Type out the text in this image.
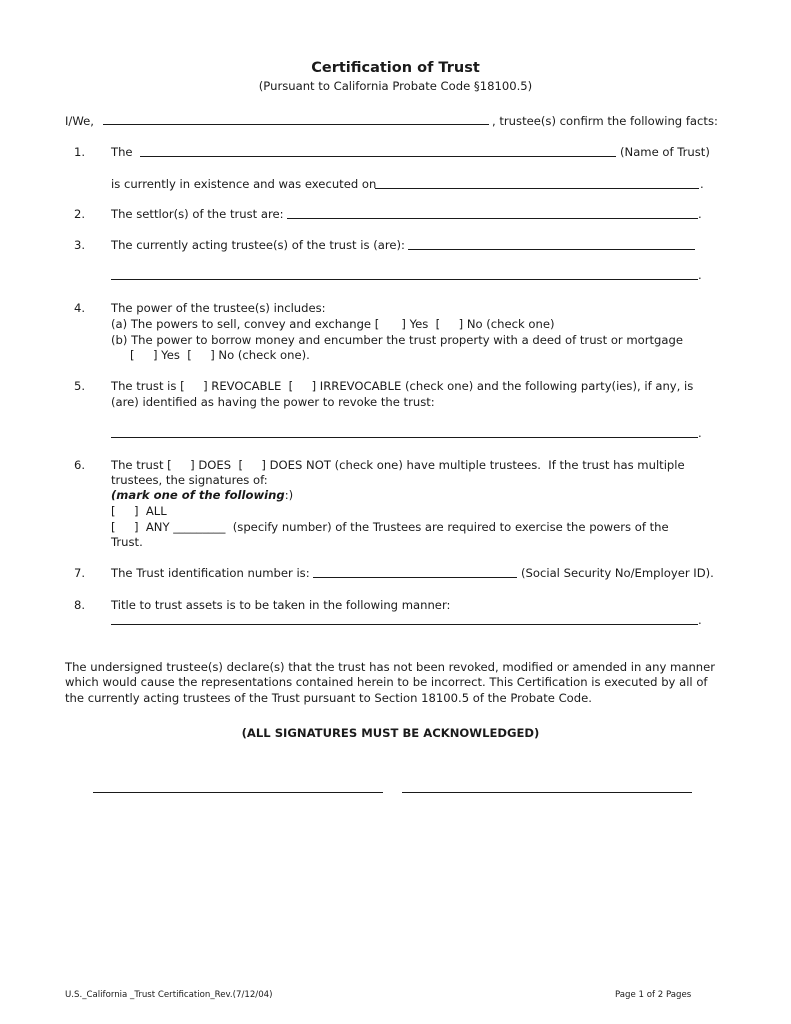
Certification of Trust
(Pursuant to California Probate Code §18100.5)
I/We,	, trustee(s) confirm the following facts:
1. The	(Name of Trust)
is currently in existence and was executed on	.
2. The settlor(s) of the trust are:	.
3. The currently acting trustee(s) of the trust is (are):
.
4. The power of the trustee(s) includes:
(a) The powers to sell, convey and exchange [      ] Yes  [     ] No (check one)
(b) The power to borrow money and encumber the trust property with a deed of trust or mortgage
[     ] Yes  [     ] No (check one).
5. The trust is [     ] REVOCABLE  [     ] IRREVOCABLE (check one) and the following party(ies), if any, is
(are) identified as having the power to revoke the trust:
.
6. The trust [     ] DOES  [     ] DOES NOT (check one) have multiple trustees.  If the trust has multiple
trustees, the signatures of:
(mark one of the following:)
[     ]  ALL
[     ]  ANY _________  (specify number) of the Trustees are required to exercise the powers of the
Trust.
7. The Trust identification number is:	(Social Security No/Employer ID).
8. Title to trust assets is to be taken in the following manner:
.
The undersigned trustee(s) declare(s) that the trust has not been revoked, modified or amended in any manner
which would cause the representations contained herein to be incorrect. This Certification is executed by all of
the currently acting trustees of the Trust pursuant to Section 18100.5 of the Probate Code.
(ALL SIGNATURES MUST BE ACKNOWLEDGED)
U.S._California _Trust Certification_Rev.(7/12/04)	Page 1 of 2 Pages
